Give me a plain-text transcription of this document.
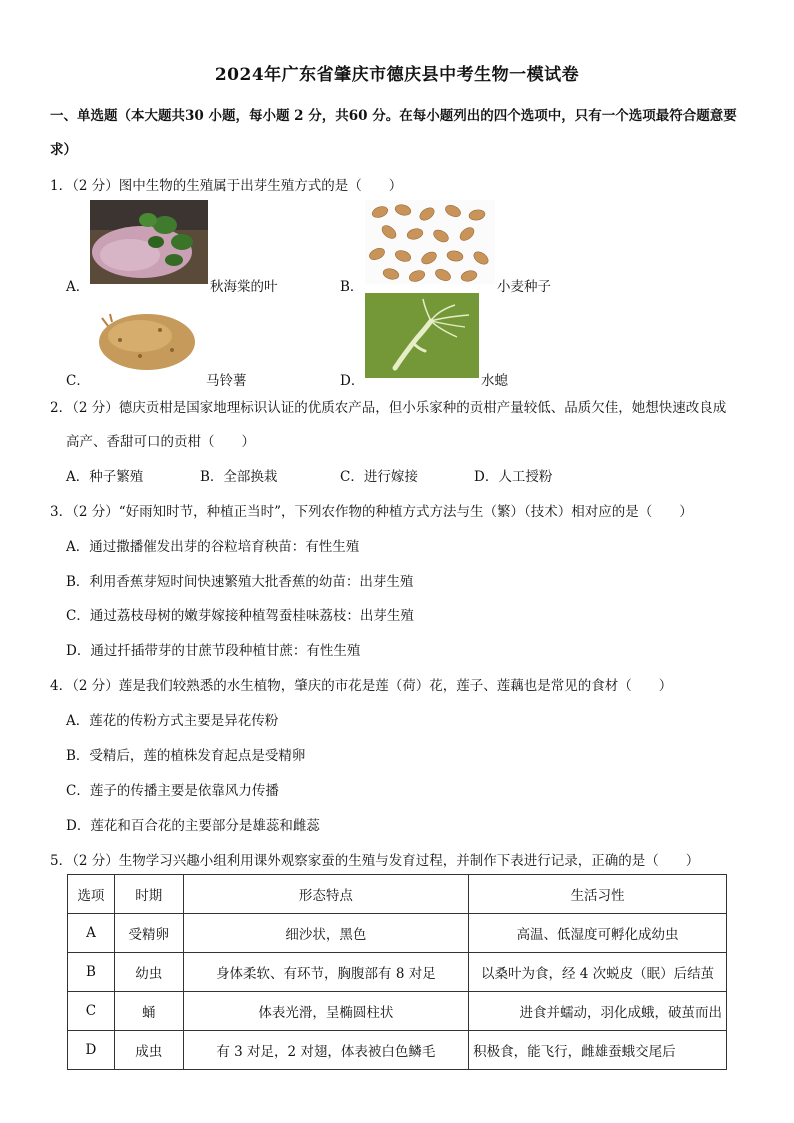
2024年广东省肇庆市德庆县中考生物一模试卷
一、单选题（本大题共30 小题，每小题 2 分，共60 分。在每小题列出的四个选项中，只有一个选项最符合题意要
求）
1．（2 分）图中生物的生殖属于出芽生殖方式的是（　　）
A．	秋海棠的叶	B．	小麦种子
C．	马铃薯	D．	水螅
2．（2 分）德庆贡柑是国家地理标识认证的优质农产品，但小乐家种的贡柑产量较低、品质欠佳，她想快速改良成
高产、香甜可口的贡柑（　　）
A．种子繁殖	B．全部换栽	C．进行嫁接	D．人工授粉
3．（2 分）“好雨知时节，种植正当时”，下列农作物的种植方式方法与生（繁）（技术）相对应的是（　　）
A．通过撒播催发出芽的谷粒培育秧苗：有性生殖
B．利用香蕉芽短时间快速繁殖大批香蕉的幼苗：出芽生殖
C．通过荔枝母树的嫩芽嫁接种植驾蚕桂味荔枝：出芽生殖
D．通过扦插带芽的甘蔗节段种植甘蔗：有性生殖
4．（2 分）莲是我们较熟悉的水生植物，肇庆的市花是莲（荷）花，莲子、莲藕也是常见的食材（　　）
A．莲花的传粉方式主要是异花传粉
B．受精后，莲的植株发育起点是受精卵
C．莲子的传播主要是依靠风力传播
D．莲花和百合花的主要部分是雄蕊和雌蕊
5．（2 分）生物学习兴趣小组利用课外观察家蚕的生殖与发育过程，并制作下表进行记录，正确的是（　　）
选项	时期	形态特点	生活习性
A	受精卵	细沙状，黑色	高温、低湿度可孵化成幼虫
B	幼虫	身体柔软、有环节，胸腹部有 8 对足	以桑叶为食，经 4 次蜕皮（眠）后结茧
C	蛹	体表光滑，呈椭圆柱状	进食并蠕动，羽化成蛾，破茧而出
D	成虫	有 3 对足，2 对翅，体表被白色鳞毛	积极食，能飞行，雌雄蚕蛾交尾后
